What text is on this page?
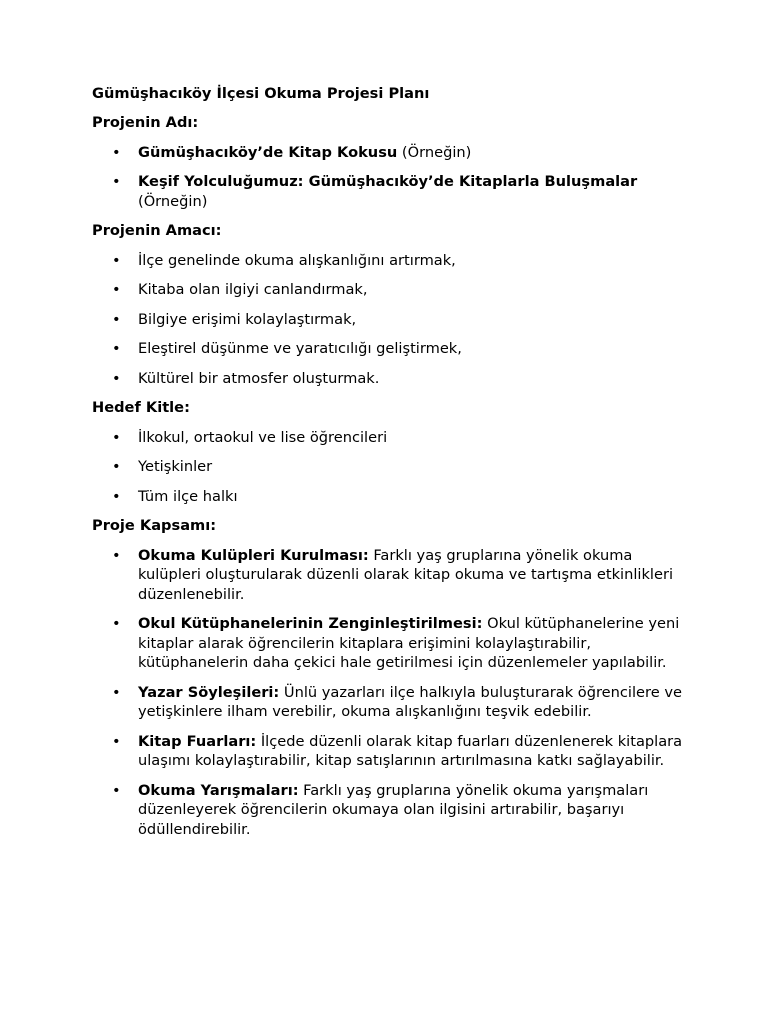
Gümüşhacıköy İlçesi Okuma Projesi Planı

Projenin Adı:

• Gümüşhacıköy’de Kitap Kokusu (Örneğin)
• Keşif Yolculuğumuz: Gümüşhacıköy’de Kitaplarla Buluşmalar (Örneğin)

Projenin Amacı:

• İlçe genelinde okuma alışkanlığını artırmak,
• Kitaba olan ilgiyi canlandırmak,
• Bilgiye erişimi kolaylaştırmak,
• Eleştirel düşünme ve yaratıcılığı geliştirmek,
• Kültürel bir atmosfer oluşturmak.

Hedef Kitle:

• İlkokul, ortaokul ve lise öğrencileri
• Yetişkinler
• Tüm ilçe halkı

Proje Kapsamı:

• Okuma Kulüpleri Kurulması: Farklı yaş gruplarına yönelik okuma kulüpleri oluşturularak düzenli olarak kitap okuma ve tartışma etkinlikleri düzenlenebilir.
• Okul Kütüphanelerinin Zenginleştirilmesi: Okul kütüphanelerine yeni kitaplar alarak öğrencilerin kitaplara erişimini kolaylaştırabilir, kütüphanelerin daha çekici hale getirilmesi için düzenlemeler yapılabilir.
• Yazar Söyleşileri: Ünlü yazarları ilçe halkıyla buluşturarak öğrencilere ve yetişkinlere ilham verebilir, okuma alışkanlığını teşvik edebilir.
• Kitap Fuarları: İlçede düzenli olarak kitap fuarları düzenlenerek kitaplara ulaşımı kolaylaştırabilir, kitap satışlarının artırılmasına katkı sağlayabilir.
• Okuma Yarışmaları: Farklı yaş gruplarına yönelik okuma yarışmaları düzenleyerek öğrencilerin okumaya olan ilgisini artırabilir, başarıyı ödüllendirebilir.
